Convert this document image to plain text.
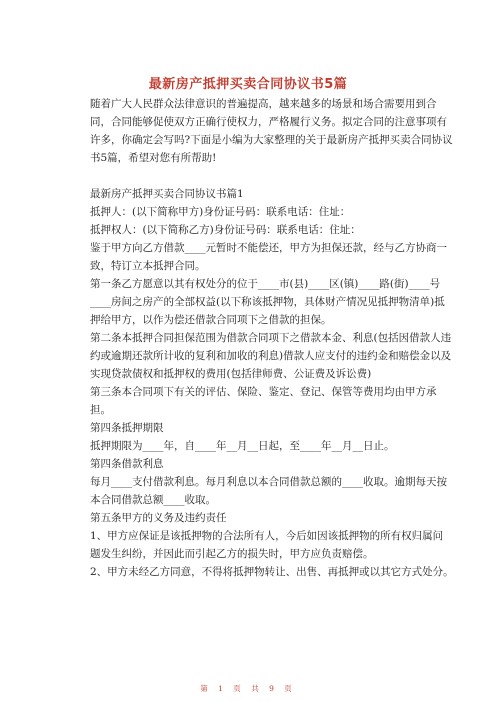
最新房产抵押买卖合同协议书5篇

随着广大人民群众法律意识的普遍提高，越来越多的场景和场合需要用到合

同，合同能够促使双方正确行使权力，严格履行义务。拟定合同的注意事项有

许多，你确定会写吗?下面是小编为大家整理的关于最新房产抵押买卖合同协议

书5篇，希望对您有所帮助!

最新房产抵押买卖合同协议书篇1

抵押人：(以下简称甲方)身份证号码：联系电话：住址：

抵押权人：(以下简称乙方)身份证号码：联系电话：住址：

鉴于甲方向乙方借款____元暂时不能偿还，甲方为担保还款，经与乙方协商一

致，特订立本抵押合同。

第一条乙方愿意以其有权处分的位于____市(县)____区(镇)____路(街)____号

____房间之房产的全部权益(以下称该抵押物，具体财产情况见抵押物清单)抵

押给甲方，以作为偿还借款合同项下之借款的担保。

第二条本抵押合同担保范围为借款合同项下之借款本金、利息(包括因借款人违

约或逾期还款所计收的复利和加收的利息)借款人应支付的违约金和赔偿金以及

实现贷款债权和抵押权的费用(包括律师费、公证费及诉讼费)

第三条本合同项下有关的评估、保险、鉴定、登记、保管等费用均由甲方承

担。

第四条抵押期限

抵押期限为____年，自____年__月__日起，至____年__月__日止。

第四条借款利息

每月____支付借款利息。每月利息以本合同借款总额的____收取。逾期每天按

本合同借款总额____收取。

第五条甲方的义务及违约责任

1、甲方应保证是该抵押物的合法所有人，今后如因该抵押物的所有权归属问

题发生纠纷，并因此而引起乙方的损失时，甲方应负责赔偿。

2、甲方未经乙方同意，不得将抵押物转让、出售、再抵押或以其它方式处分。

第 1 页 共 9 页
